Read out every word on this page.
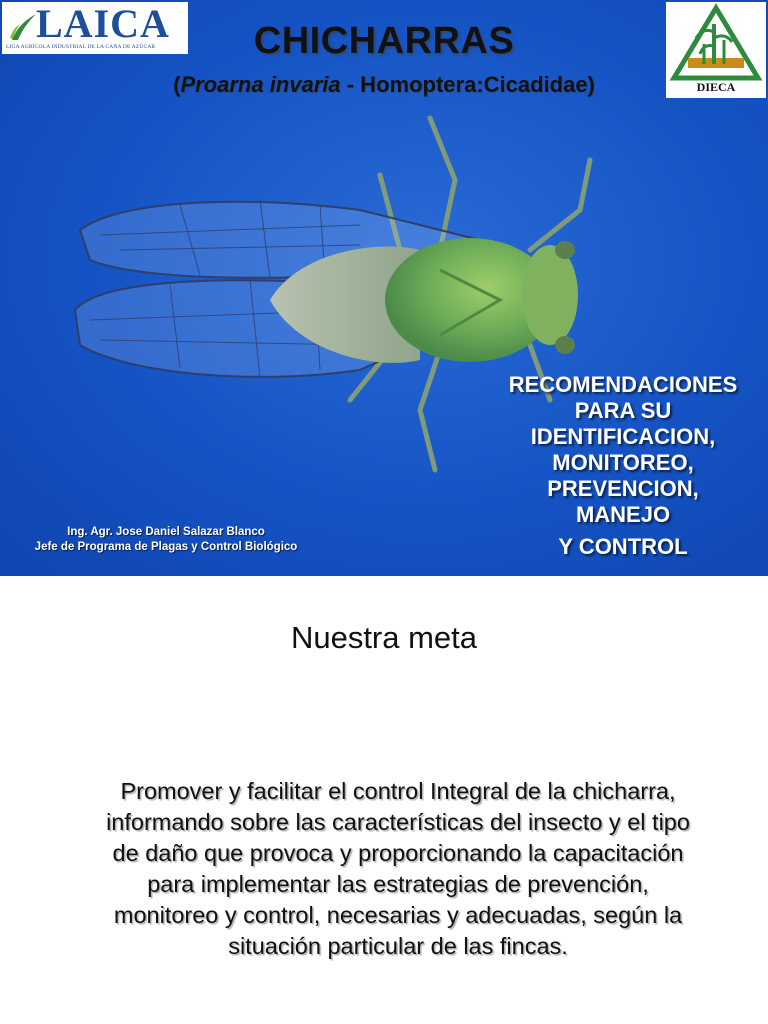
LAICA
LIGA AGRÍCOLA INDUSTRIAL DE LA CAÑA DE AZÚCAR	CHICHARRAS
(Proarna invaria - Homoptera:Cicadidae)	DIECA
RECOMENDACIONES
PARA SU
IDENTIFICACION,
MONITOREO,
PREVENCION,
MANEJO
Y CONTROL
Ing. Agr. Jose Daniel Salazar Blanco
Jefe de Programa de Plagas y Control Biológico
Nuestra meta
Promover y facilitar el control Integral de la chicharra,
informando sobre las características del insecto y el tipo
de daño que provoca y proporcionando la capacitación
para implementar las estrategias de prevención,
monitoreo y control, necesarias y adecuadas, según la
situación particular de las fincas.
